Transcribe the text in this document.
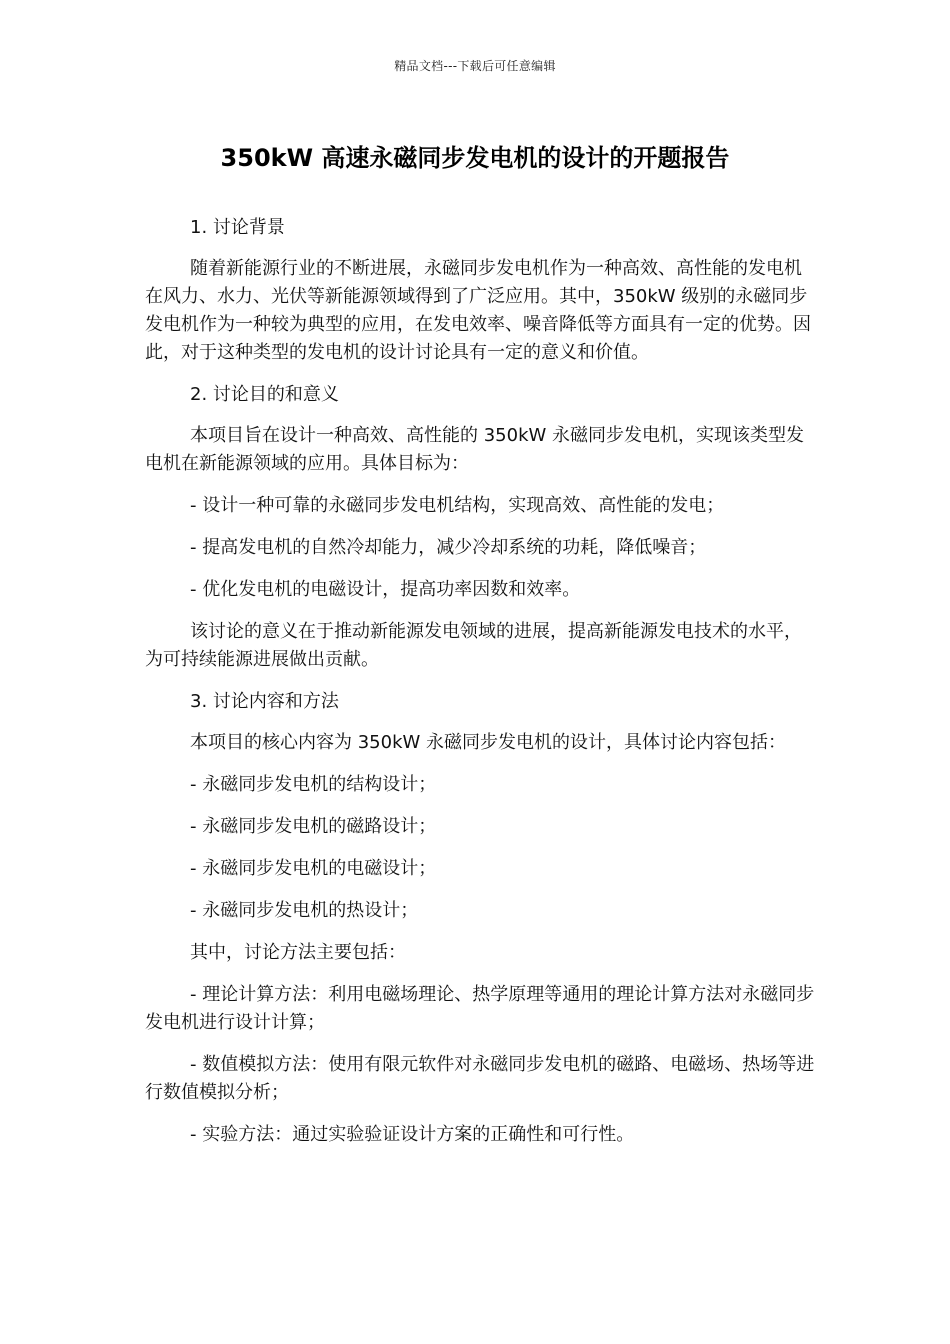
精品文档---下载后可任意编辑
350kW 高速永磁同步发电机的设计的开题报告

1. 讨论背景

随着新能源行业的不断进展，永磁同步发电机作为一种高效、高性能的发电机在风力、水力、光伏等新能源领域得到了广泛应用。其中，350kW 级别的永磁同步发电机作为一种较为典型的应用，在发电效率、噪音降低等方面具有一定的优势。因此，对于这种类型的发电机的设计讨论具有一定的意义和价值。

2. 讨论目的和意义

本项目旨在设计一种高效、高性能的 350kW 永磁同步发电机，实现该类型发电机在新能源领域的应用。具体目标为：

- 设计一种可靠的永磁同步发电机结构，实现高效、高性能的发电；

- 提高发电机的自然冷却能力，减少冷却系统的功耗，降低噪音；

- 优化发电机的电磁设计，提高功率因数和效率。

该讨论的意义在于推动新能源发电领域的进展，提高新能源发电技术的水平，为可持续能源进展做出贡献。

3. 讨论内容和方法

本项目的核心内容为 350kW 永磁同步发电机的设计，具体讨论内容包括：

- 永磁同步发电机的结构设计；

- 永磁同步发电机的磁路设计；

- 永磁同步发电机的电磁设计；

- 永磁同步发电机的热设计；

其中，讨论方法主要包括：

- 理论计算方法：利用电磁场理论、热学原理等通用的理论计算方法对永磁同步发电机进行设计计算；

- 数值模拟方法：使用有限元软件对永磁同步发电机的磁路、电磁场、热场等进行数值模拟分析；

- 实验方法：通过实验验证设计方案的正确性和可行性。
